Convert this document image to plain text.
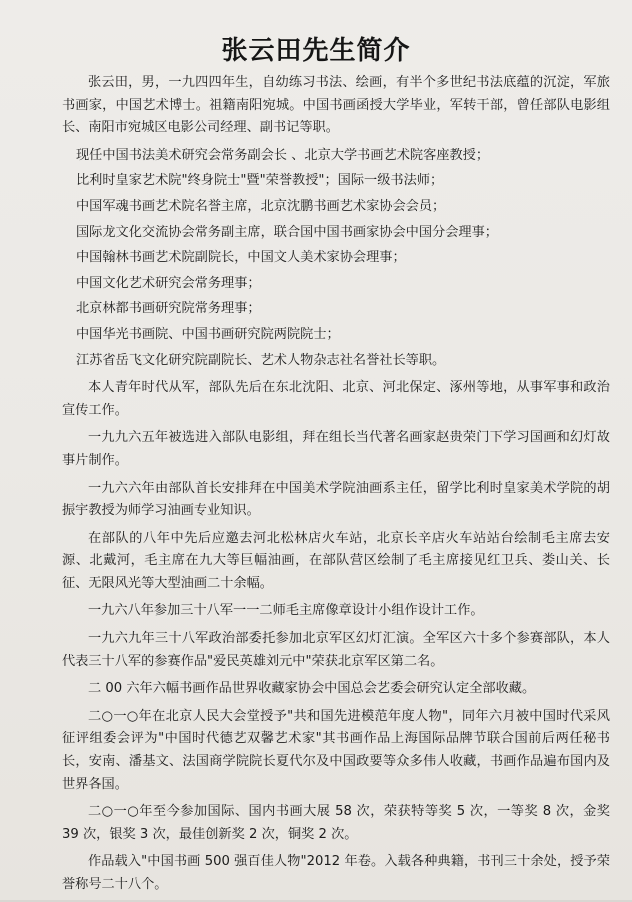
张云田先生简介

张云田，男，一九四四年生，自幼练习书法、绘画，有半个多世纪书法底蕴的沉淀，军旅书画家，中国艺术博士。祖籍南阳宛城。中国书画函授大学毕业，军转干部，曾任部队电影组长、南阳市宛城区电影公司经理、副书记等职。

现任中国书法美术研究会常务副会长 、北京大学书画艺术院客座教授；

比利时皇家艺术院"终身院士"暨"荣誉教授"；国际一级书法师；

中国军魂书画艺术院名誉主席，北京沈鹏书画艺术家协会会员；

国际龙文化交流协会常务副主席，联合国中国书画家协会中国分会理事；

中国翰林书画艺术院副院长，中国文人美术家协会理事；

中国文化艺术研究会常务理事；

北京林都书画研究院常务理事；

中国华光书画院、中国书画研究院两院院士；

江苏省岳飞文化研究院副院长、艺术人物杂志社名誉社长等职。

本人青年时代从军，部队先后在东北沈阳、北京、河北保定、涿州等地，从事军事和政治宣传工作。

一九九六五年被选进入部队电影组，拜在组长当代著名画家赵贵荣门下学习国画和幻灯故事片制作。

一九六六年由部队首长安排拜在中国美术学院油画系主任，留学比利时皇家美术学院的胡振宇教授为师学习油画专业知识。

在部队的八年中先后应邀去河北松林店火车站，北京长辛店火车站站台绘制毛主席去安源、北戴河，毛主席在九大等巨幅油画，在部队营区绘制了毛主席接见红卫兵、娄山关、长征、无限风光等大型油画二十余幅。

一九六八年参加三十八军一一二师毛主席像章设计小组作设计工作。

一九六九年三十八军政治部委托参加北京军区幻灯汇演。全军区六十多个参赛部队，本人代表三十八军的参赛作品"爱民英雄刘元中"荣获北京军区第二名。

二 00 六年六幅书画作品世界收藏家协会中国总会艺委会研究认定全部收藏。

二○一○年在北京人民大会堂授予"共和国先进模范年度人物"，同年六月被中国时代采风征评组委会评为"中国时代德艺双馨艺术家"其书画作品上海国际品牌节联合国前后两任秘书长，安南、潘基文、法国商学院院长夏代尔及中国政要等众多伟人收藏，书画作品遍布国内及世界各国。

二○一○年至今参加国际、国内书画大展 58 次，荣获特等奖 5 次，一等奖 8 次，金奖 39 次，银奖 3 次，最佳创新奖 2 次，铜奖 2 次。

作品载入"中国书画 500 强百佳人物"2012 年卷。入载各种典籍，书刊三十余处，授予荣誉称号二十八个。
